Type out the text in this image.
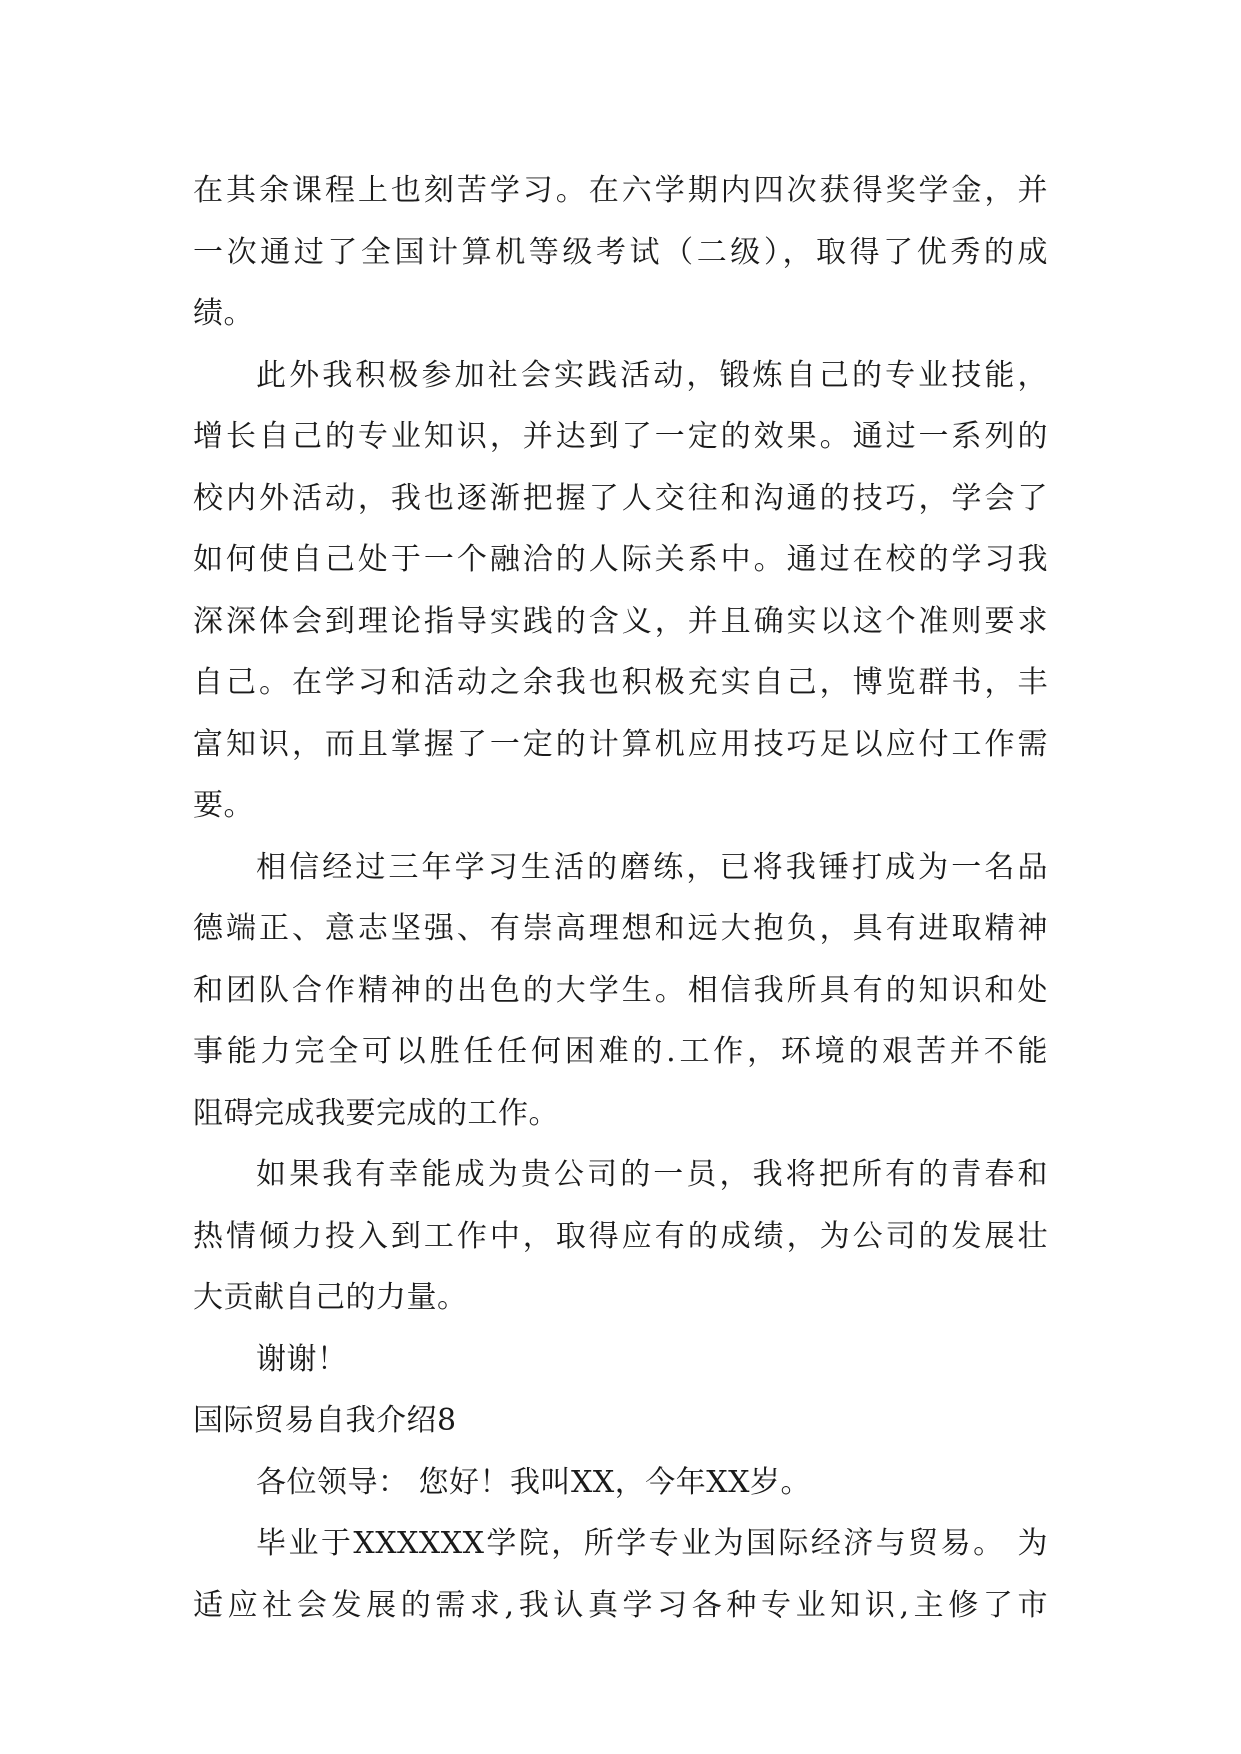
在其余课程上也刻苦学习。在六学期内四次获得奖学金，并
一次通过了全国计算机等级考试（二级），取得了优秀的成
绩。
此外我积极参加社会实践活动，锻炼自己的专业技能，
增长自己的专业知识，并达到了一定的效果。通过一系列的
校内外活动，我也逐渐把握了人交往和沟通的技巧，学会了
如何使自己处于一个融洽的人际关系中。通过在校的学习我
深深体会到理论指导实践的含义，并且确实以这个准则要求
自己。在学习和活动之余我也积极充实自己，博览群书，丰
富知识，而且掌握了一定的计算机应用技巧足以应付工作需
要。
相信经过三年学习生活的磨练，已将我锤打成为一名品
德端正、意志坚强、有崇高理想和远大抱负，具有进取精神
和团队合作精神的出色的大学生。相信我所具有的知识和处
事能力完全可以胜任任何困难的.工作，环境的艰苦并不能
阻碍完成我要完成的工作。
如果我有幸能成为贵公司的一员，我将把所有的青春和
热情倾力投入到工作中，取得应有的成绩，为公司的发展壮
大贡献自己的力量。
谢谢！
国际贸易自我介绍8
各位领导： 您好！我叫XX，今年XX岁。
毕业于XXXXXX学院，所学专业为国际经济与贸易。 为
适应社会发展的需求,我认真学习各种专业知识,主修了市
